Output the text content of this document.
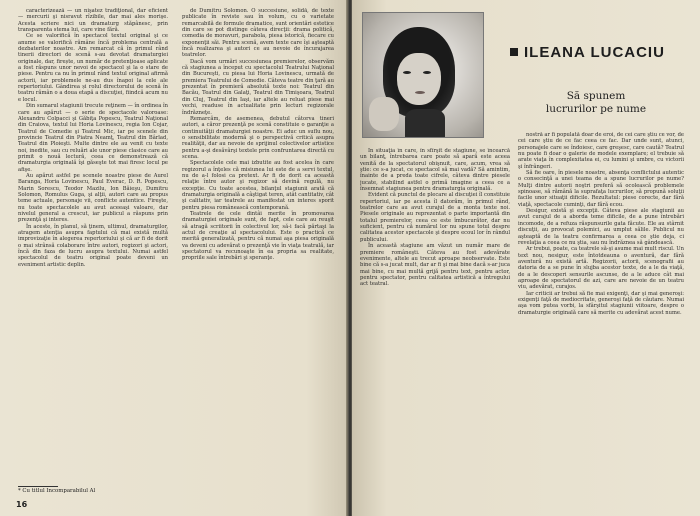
caracterizează — un nişatez tradiţional, dar eficient — mercurii şi nisravut rîzibile, dar mai ales morişe. Acesta scriere nici un dramaturg stăpânesc, prin transparenta stema lui, care vine fără.

Ce se valorifică în spectacol textul original şi ce anume se valorifică rămâne încă problema centrală a dezbaterilor noastre. Am remarcat că în primul rând tinerii directori de scenă s-au devotat dramaturgiei originale, dar, firește, un număr de pretenţioase aplicate a fost răspuns unor nevoi de spectacol şi la o stare de piese. Pentru ca nu în primul rând textul original afirmă actorii, iar problemele ne-au dus înapoi la cele ale repertoriului. Gândirea și rolul directorului de scenă în teatru rămân o a doua etapă a discuţiei, fiindcă acum nu e locul.

Din sumarul stagiunii trecute reţinem — în ordinea în care au apărut — o serie de spectacole valoroase: Alexandru Colpacci şi Găbiţa Popescu, Teatrul Naţional din Craiova, textul lui Horia Lovinescu, regia Ion Cojar, Teatrul de Comedie şi Teatrul Mic, iar pe scenele din provincie Teatrul din Piatra Neamţ, Teatrul din Bârlad, Teatrul din Ploieşti. Multe dintre ele au venit cu texte noi, inedite, sau cu reluări ale unor piese clasice care au primit o nouă lectură, ceea ce demonstrează că dramaturgia originală îşi găseşte tot mai firesc locul pe afişe.

Au apărut astfel pe scenele noastre piese de Aurel Baranga, Horia Lovinescu, Paul Everac, D. R. Popescu, Marin Sorescu, Teodor Mazilu, Ion Băieşu, Dumitru Solomon, Romulus Guga, şi alţii, autori care au propus teme actuale, personaje vii, conflicte autentice. Fireşte, nu toate spectacolele au avut aceeaşi valoare, dar nivelul general a crescut, iar publicul a răspuns prin prezenţă şi interes.

În aceste, în planul, să ţinem, ultimul, dramaturgilor, atragem atenţia asupra faptului că mai există multă improvizaţie în alegerea repertoriului şi că ar fi de dorit o mai strânsă colaborare între autori, regizori şi actori, încă din faza de lucru asupra textului. Numai astfel spectacolul de teatru original poate deveni un eveniment artistic deplin.

de Dumitru Solomon. O succesiune, solidă, de texte publicate în reviste sau în volum, cu o varietate remarcabilă de formule dramatice, sunt orientări estetice din care se pot distinge câteva direcţii: drama politică, comedia de moravuri, parabola, piesa istorică, fiecare cu exponenţii săi. Pentru scenă, avem texte care îşi aşteaptă încă realizarea şi autori ce au nevoie de încurajarea teatrelor.

Dacă vom urmări succesiunea premierelor, observăm că stagiunea a început cu spectacolul Teatrului Naţional din Bucureşti, cu piesa lui Horia Lovinescu, urmată de premiera Teatrului de Comedie. Câteva teatre din ţară au prezentat în premieră absolută texte noi: Teatrul din Bacău, Teatrul din Galaţi, Teatrul din Timişoara, Teatrul din Cluj, Teatrul din Iaşi, iar altele au reluat piese mai vechi, readuse în actualitate prin lecturi regizorale îndrăzneţe.

Remarcăm, de asemenea, debutul câtorva tineri autori, a căror prezenţă pe scenă constituie o garanţie a continuităţii dramaturgiei noastre. Ei aduc un suflu nou, o sensibilitate modernă şi o perspectivă critică asupra realităţii, dar au nevoie de sprijinul colectivelor artistice pentru a-şi desăvârşi textele prin confruntarea directă cu scena.

Spectacolele cele mai izbutite au fost acelea în care regizorul a înţeles că misiunea lui este de a servi textul, nu de a-l folosi ca pretext. Ar fi de dorit ca această relaţie între autor şi regizor să devină regulă, nu excepţie. Cu toate acestea, bilanţul stagiunii arată că dramaturgia originală a câştigat teren, atât cantitativ, cât şi calitativ, iar teatrele au manifestat un interes sporit pentru piesa românească contemporană.

Teatrele de cele dintâi merite în promovarea dramaturgiei originale sunt, de fapt, cele care au reuşit să atragă scriitorii în colectivul lor, să-i facă părtaşi la actul de creaţie al spectacolului. Este o practică ce merită generalizată, pentru că numai aşa piesa originală va deveni cu adevărat o prezenţă vie în viaţa teatrală, iar spectatorul va recunoaşte în ea propria sa realitate, propriile sale întrebări şi speranţe.

* Cu titlul Incomparabilul Al
16
ILEANA LUCACIU
Să spunem
lucrurilor pe nume

În situaţia în care, în sfîrşit de stagiune, se încearcă un bilanţ, întrebarea care poate să apară este aceea venită de la spectatorul obişnuit, care, acum, vrea să ştie: ce s-a jucat, ce spectacol să mai vadă? Să amintim, înainte de a preda toate cifrele, câteva dintre piesele jucate, stabilind astfel o primă imagine a ceea ce a însemnat stagiunea pentru dramaturgia originală.

Evident că punctul de plecare al discuţiei îl constituie repertoriul, iar pe acesta îl datorăm, în primul rând, teatrelor care au avut curajul de a monta texte noi. Piesele originale au reprezentat o parte importantă din totalul premierelor, ceea ce este îmbucurător, dar nu suficient, pentru că numărul lor nu spune totul despre calitatea acestor spectacole şi despre ecoul lor în rândul publicului.

În această stagiune am văzut un număr mare de premiere româneşti. Câteva au fost adevărate evenimente, altele au trecut aproape neobservate. Este bine că s-a jucat mult, dar ar fi şi mai bine dacă s-ar juca mai bine, cu mai multă grijă pentru text, pentru actor, pentru spectator, pentru calitatea artistică a întregului act teatral.

nostră ar fi populată doar de eroi, de cei care ştiu ce vor, de cei care ştiu de ce fac ceea ce fac. Dar unde sunt, atunci, personajele care se îndoiesc, care greşesc, care caută? Teatrul nu poate fi doar o galerie de modele exemplare; el trebuie să arate viaţa în complexitatea ei, cu lumini şi umbre, cu victorii şi înfrângeri.

Să fie oare, în piesele noastre, absenţa conflictului autentic o consecinţă a unei teama de a spune lucrurilor pe nume? Mulţi dintre autorii noştri preferă să ocolească problemele spinoase, să rămână la suprafaţa lucrurilor, să propună soluţii facile unor situaţii dificile. Rezultatul: piese corecte, dar fără viaţă, spectacole cuminţi, dar fără ecou.

Desigur, există şi excepţii. Câteva piese ale stagiunii au avut curajul de a aborda teme dificile, de a pune întrebări incomode, de a refuza răspunsurile gata făcute. Ele au stârnit discuţii, au provocat polemici, au umplut sălile. Publicul nu aşteaptă de la teatru confirmarea a ceea ce ştie deja, ci revelaţia a ceea ce nu ştia, sau nu îndrăznea să gândească.

Ar trebui, poate, ca teatrele să-şi asume mai mult riscul. Un text nou, nesigur, este întotdeauna o aventură, dar fără aventură nu există artă. Regizorii, actorii, scenografii au datoria de a se pune în slujba acestor texte, de a le da viaţă, de a le descoperi sensurile ascunse, de a le aduce cât mai aproape de spectatorul de azi, care are nevoie de un teatru viu, adevărat, curajos.

Iar criticii ar trebui să fie mai exigenţi, dar şi mai generoşi: exigenţi faţă de mediocritate, generoşi faţă de căutare. Numai aşa vom putea vorbi, la sfârşitul stagiunii viitoare, despre o dramaturgie originală care să merite cu adevărat acest nume.
